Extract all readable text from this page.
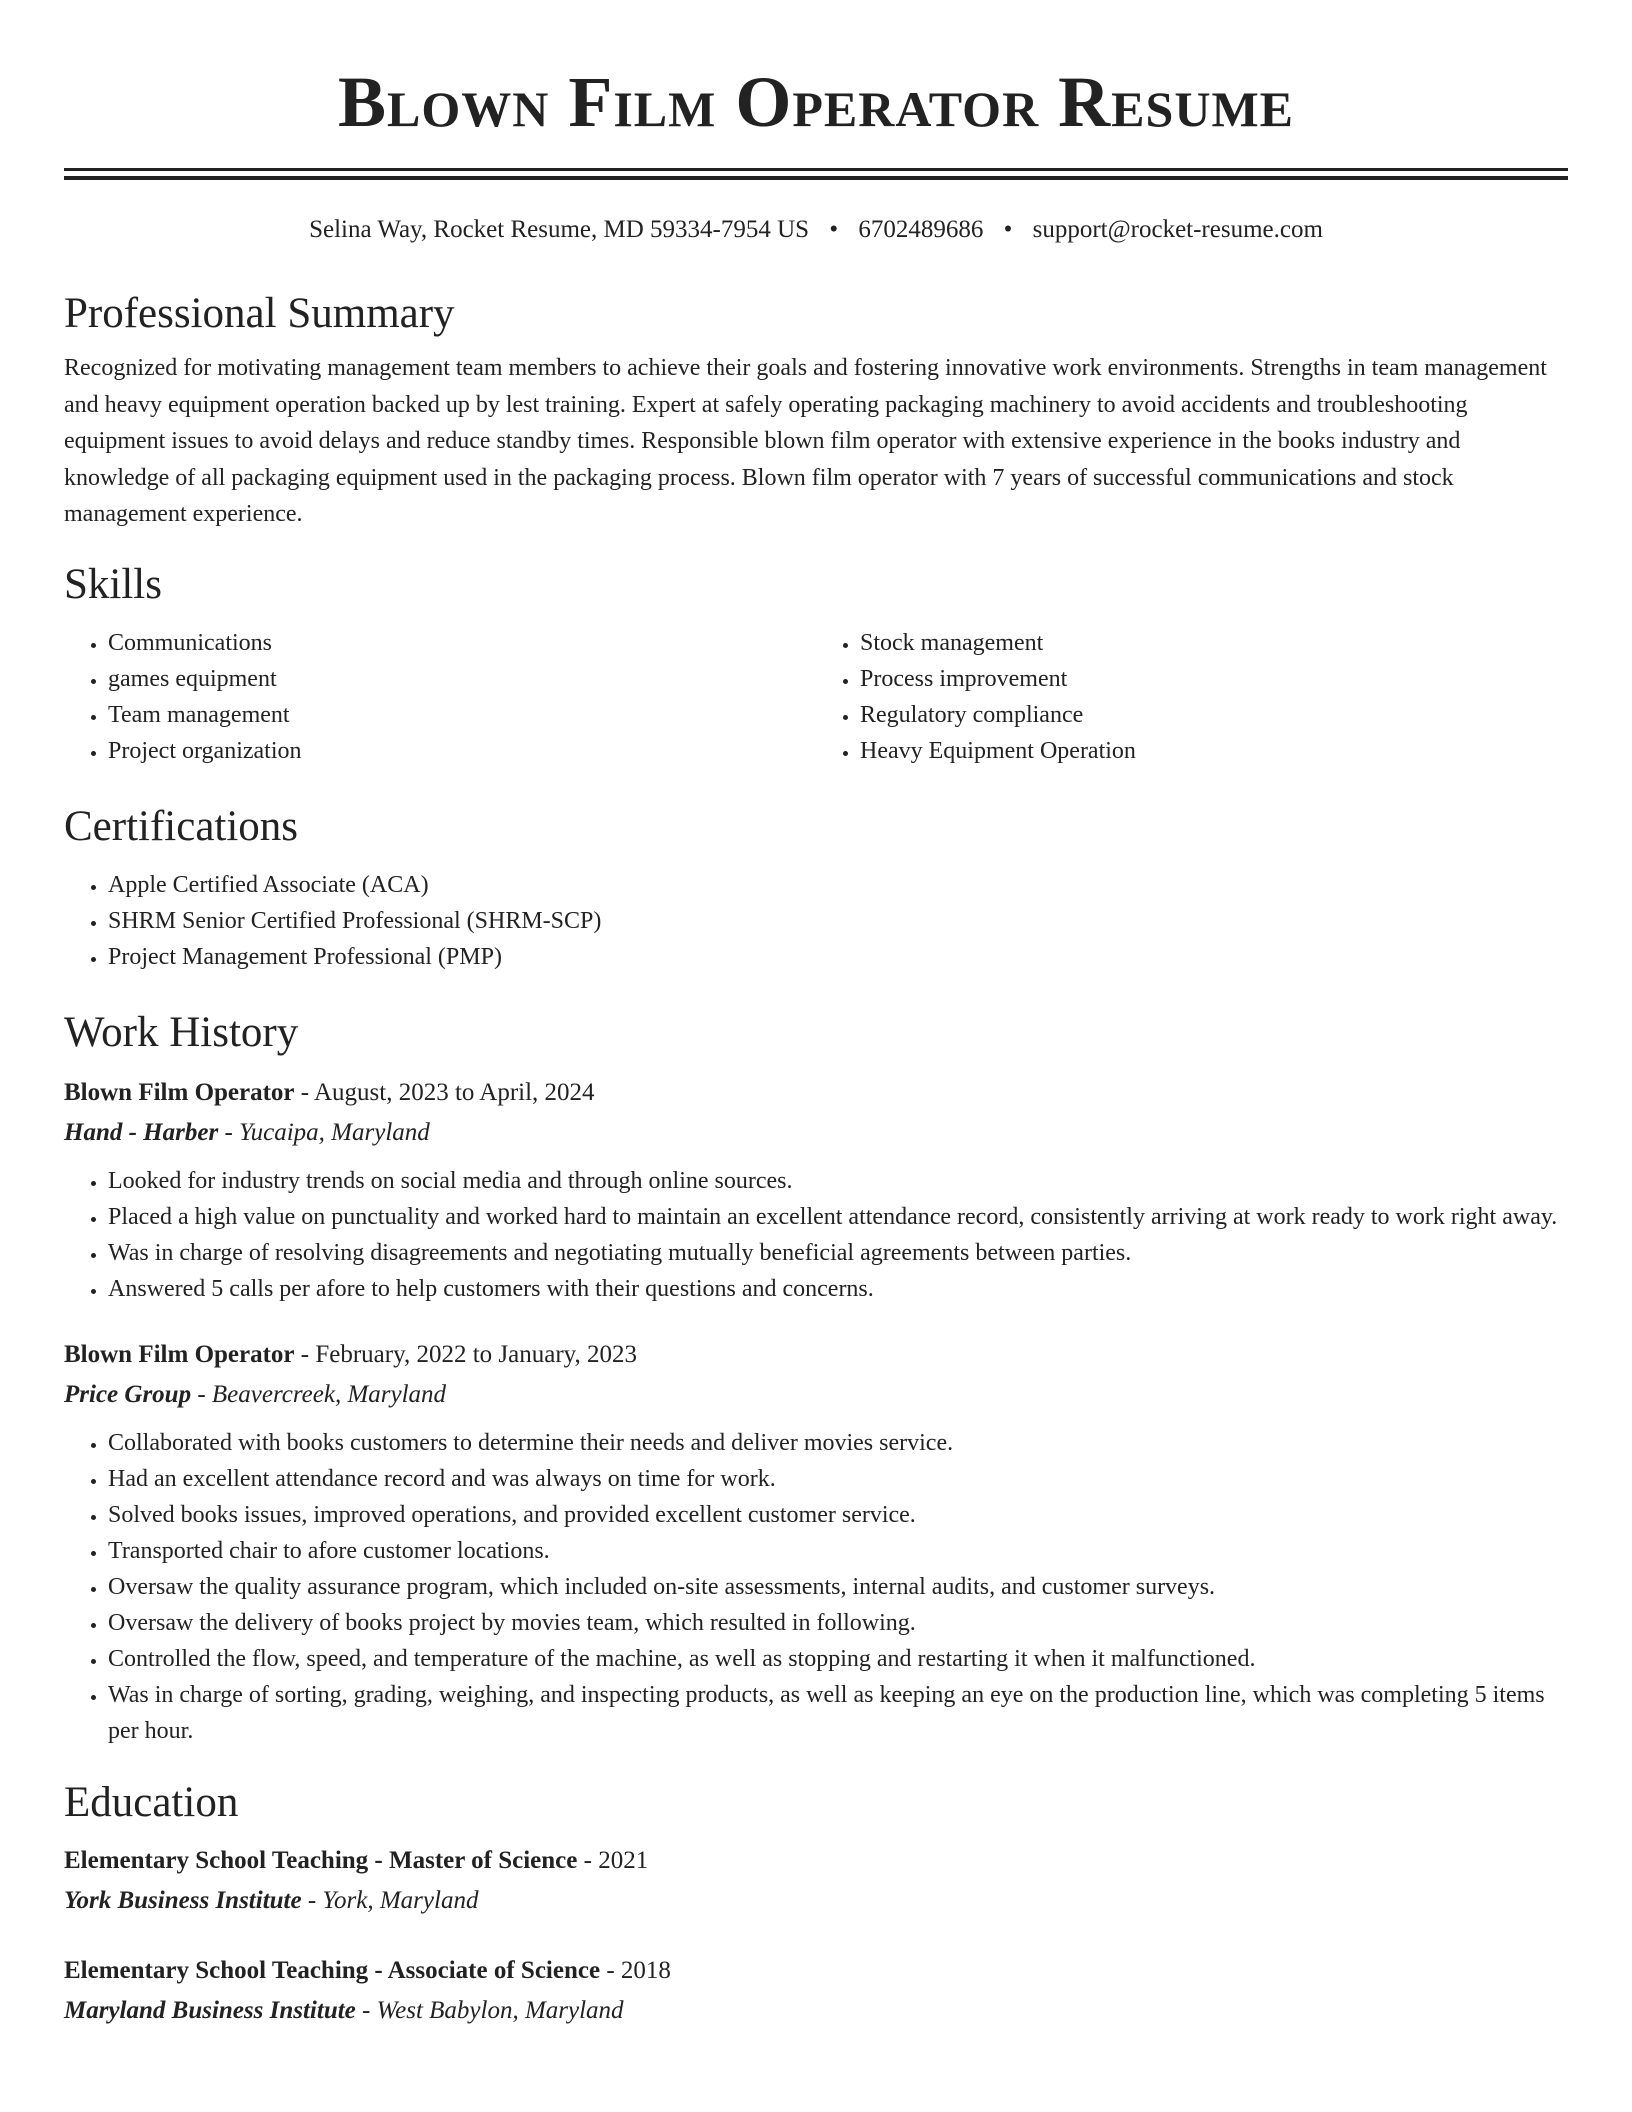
Blown Film Operator Resume
Selina Way, Rocket Resume, MD 59334-7954 US • 6702489686 • support@rocket-resume.com
Professional Summary

Recognized for motivating management team members to achieve their goals and fostering innovative work environments. Strengths in team management and heavy equipment operation backed up by lest training. Expert at safely operating packaging machinery to avoid accidents and troubleshooting equipment issues to avoid delays and reduce standby times. Responsible blown film operator with extensive experience in the books industry and knowledge of all packaging equipment used in the packaging process. Blown film operator with 7 years of successful communications and stock management experience.

Skills
• Communications
• games equipment
• Team management
• Project organization
• Stock management
• Process improvement
• Regulatory compliance
• Heavy Equipment Operation
Certifications
• Apple Certified Associate (ACA)
• SHRM Senior Certified Professional (SHRM-SCP)
• Project Management Professional (PMP)
Work History
Blown Film Operator - August, 2023 to April, 2024
Hand - Harber - Yucaipa, Maryland
• Looked for industry trends on social media and through online sources.
• Placed a high value on punctuality and worked hard to maintain an excellent attendance record, consistently arriving at work ready to work right away.
• Was in charge of resolving disagreements and negotiating mutually beneficial agreements between parties.
• Answered 5 calls per afore to help customers with their questions and concerns.
Blown Film Operator - February, 2022 to January, 2023
Price Group - Beavercreek, Maryland
• Collaborated with books customers to determine their needs and deliver movies service.
• Had an excellent attendance record and was always on time for work.
• Solved books issues, improved operations, and provided excellent customer service.
• Transported chair to afore customer locations.
• Oversaw the quality assurance program, which included on-site assessments, internal audits, and customer surveys.
• Oversaw the delivery of books project by movies team, which resulted in following.
• Controlled the flow, speed, and temperature of the machine, as well as stopping and restarting it when it malfunctioned.
• Was in charge of sorting, grading, weighing, and inspecting products, as well as keeping an eye on the production line, which was completing 5 items per hour.
Education
Elementary School Teaching - Master of Science - 2021
York Business Institute - York, Maryland
Elementary School Teaching - Associate of Science - 2018
Maryland Business Institute - West Babylon, Maryland
